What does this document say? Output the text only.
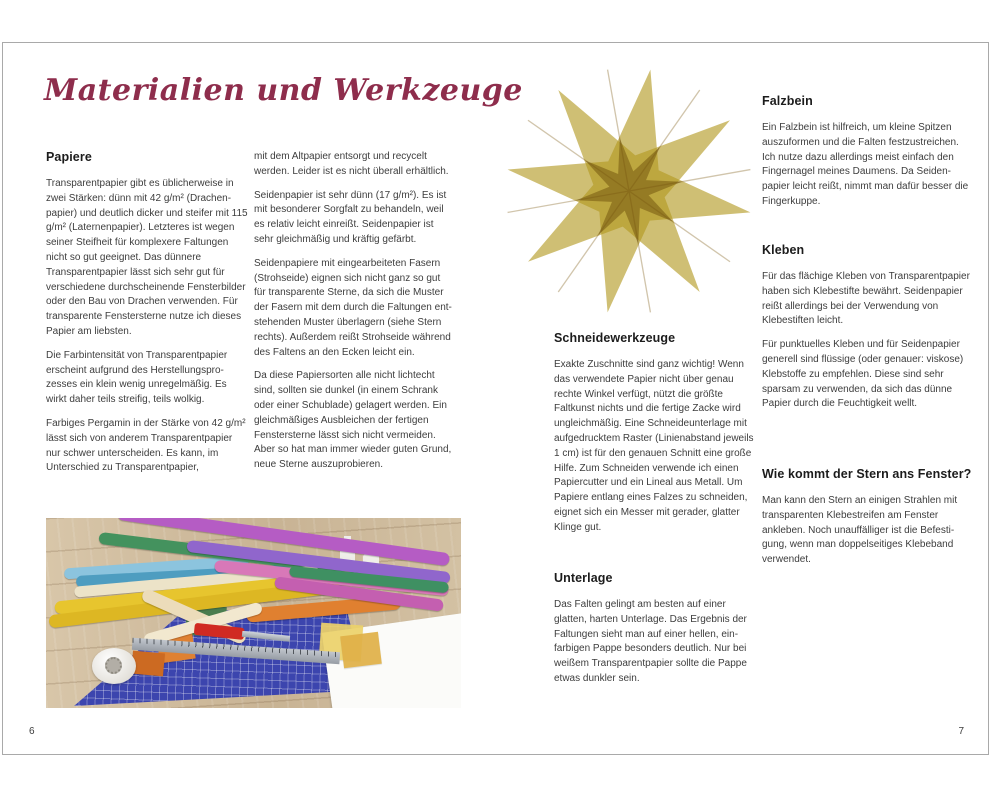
Materialien und Werkzeuge
Papiere

Transparentpapier gibt es üblicherweise in zwei Stärken: dünn mit 42 g/m² (Drachenpapier) und deutlich dicker und steifer mit 115 g/m² (Laternenpapier). Letzteres ist wegen seiner Steifheit für komplexere Faltungen nicht so gut geeignet. Das dünnere Transparentpapier lässt sich sehr gut für verschiedene durchscheinende Fensterbilder oder den Bau von Drachen verwenden. Für transparente Fenstersterne nutze ich dieses Papier am liebsten.

Die Farbintensität von Transparentpapier erscheint aufgrund des Herstellungsprozesses ein klein wenig unregelmäßig. Es wirkt daher teils streifig, teils wolkig.

Farbiges Pergamin in der Stärke von 42 g/m² lässt sich von anderem Transparentpapier nur schwer unterscheiden. Es kann, im Unterschied zu Transparentpapier,

mit dem Altpapier entsorgt und recycelt werden. Leider ist es nicht überall erhältlich.

Seidenpapier ist sehr dünn (17 g/m²). Es ist mit besonderer Sorgfalt zu behandeln, weil es relativ leicht einreißt. Seidenpapier ist sehr gleichmäßig und kräftig gefärbt.

Seidenpapiere mit eingearbeiteten Fasern (Strohseide) eignen sich nicht ganz so gut für transparente Sterne, da sich die Muster der Fasern mit dem durch die Faltungen entstehenden Muster überlagern (siehe Stern rechts). Außerdem reißt Strohseide während des Faltens an den Ecken leicht ein.

Da diese Papiersorten alle nicht lichtecht sind, sollten sie dunkel (in einem Schrank oder einer Schublade) gelagert werden. Ein gleichmäßiges Ausbleichen der fertigen Fenstersterne lässt sich nicht vermeiden. Aber so hat man immer wieder guten Grund, neue Sterne auszuprobieren.

Schneidewerkzeuge

Exakte Zuschnitte sind ganz wichtig! Wenn das verwendete Papier nicht über genau rechte Winkel verfügt, nützt die größte Faltkunst nichts und die fertige Zacke wird ungleichmäßig. Eine Schneideunterlage mit aufgedrucktem Raster (Linienabstand jeweils 1 cm) ist für den genauen Schnitt eine große Hilfe. Zum Schneiden verwende ich einen Papiercutter und ein Lineal aus Metall. Um Papiere entlang eines Falzes zu schneiden, eignet sich ein Messer mit gerader, glatter Klinge gut.

Unterlage

Das Falten gelingt am besten auf einer glatten, harten Unterlage. Das Ergebnis der Faltungen sieht man auf einer hellen, einfarbigen Pappe besonders deutlich. Nur bei weißem Transparentpapier sollte die Pappe etwas dunkler sein.

Falzbein

Ein Falzbein ist hilfreich, um kleine Spitzen auszuformen und die Falten festzustreichen. Ich nutze dazu allerdings meist einfach den Fingernagel meines Daumens. Da Seidenpapier leicht reißt, nimmt man dafür besser die Fingerkuppe.

Kleben

Für das flächige Kleben von Transparentpapier haben sich Klebestifte bewährt. Seidenpapier reißt allerdings bei der Verwendung von Klebestiften leicht.

Für punktuelles Kleben und für Seidenpapier generell sind flüssige (oder genauer: viskose) Klebstoffe zu empfehlen. Diese sind sehr sparsam zu verwenden, da sich das dünne Papier durch die Feuchtigkeit wellt.

Wie kommt der Stern ans Fenster?

Man kann den Stern an einigen Strahlen mit transparenten Klebestreifen am Fenster ankleben. Noch unauffälliger ist die Befestigung, wenn man doppelseitiges Klebeband verwendet.

6	7
